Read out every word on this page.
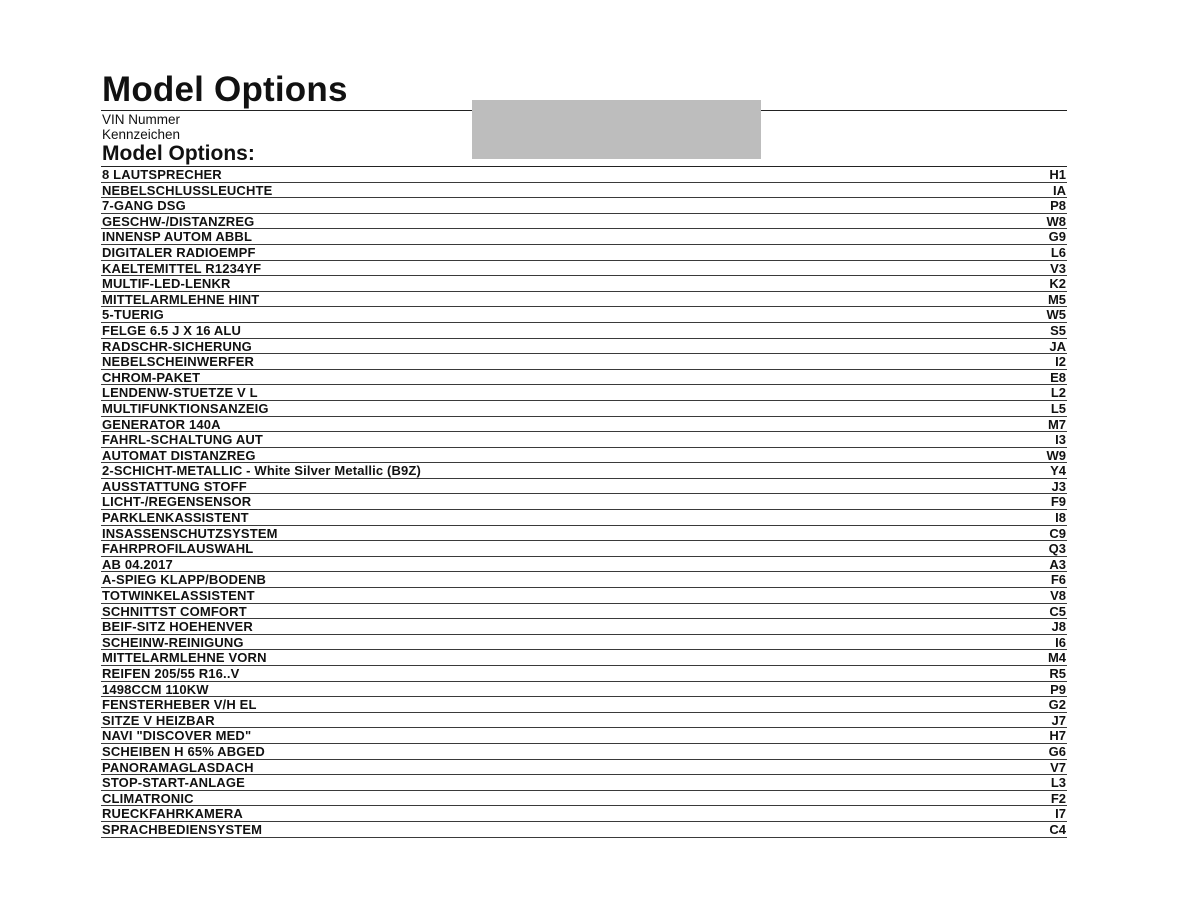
Model Options
VIN Nummer
Kennzeichen
Model Options:
8 LAUTSPRECHER	H1
NEBELSCHLUSSLEUCHTE	IA
7-GANG DSG	P8
GESCHW-/DISTANZREG	W8
INNENSP AUTOM ABBL	G9
DIGITALER RADIOEMPF	L6
KAELTEMITTEL R1234YF	V3
MULTIF-LED-LENKR	K2
MITTELARMLEHNE HINT	M5
5-TUERIG	W5
FELGE 6.5 J X 16 ALU	S5
RADSCHR-SICHERUNG	JA
NEBELSCHEINWERFER	I2
CHROM-PAKET	E8
LENDENW-STUETZE V L	L2
MULTIFUNKTIONSANZEIG	L5
GENERATOR 140A	M7
FAHRL-SCHALTUNG AUT	I3
AUTOMAT DISTANZREG	W9
2-SCHICHT-METALLIC - White Silver Metallic (B9Z)	Y4
AUSSTATTUNG STOFF	J3
LICHT-/REGENSENSOR	F9
PARKLENKASSISTENT	I8
INSASSENSCHUTZSYSTEM	C9
FAHRPROFILAUSWAHL	Q3
AB 04.2017	A3
A-SPIEG KLAPP/BODENB	F6
TOTWINKELASSISTENT	V8
SCHNITTST COMFORT	C5
BEIF-SITZ HOEHENVER	J8
SCHEINW-REINIGUNG	I6
MITTELARMLEHNE VORN	M4
REIFEN 205/55 R16..V	R5
1498CCM 110KW	P9
FENSTERHEBER V/H EL	G2
SITZE V HEIZBAR	J7
NAVI "DISCOVER MED"	H7
SCHEIBEN H 65% ABGED	G6
PANORAMAGLASDACH	V7
STOP-START-ANLAGE	L3
CLIMATRONIC	F2
RUECKFAHRKAMERA	I7
SPRACHBEDIENSYSTEM	C4
